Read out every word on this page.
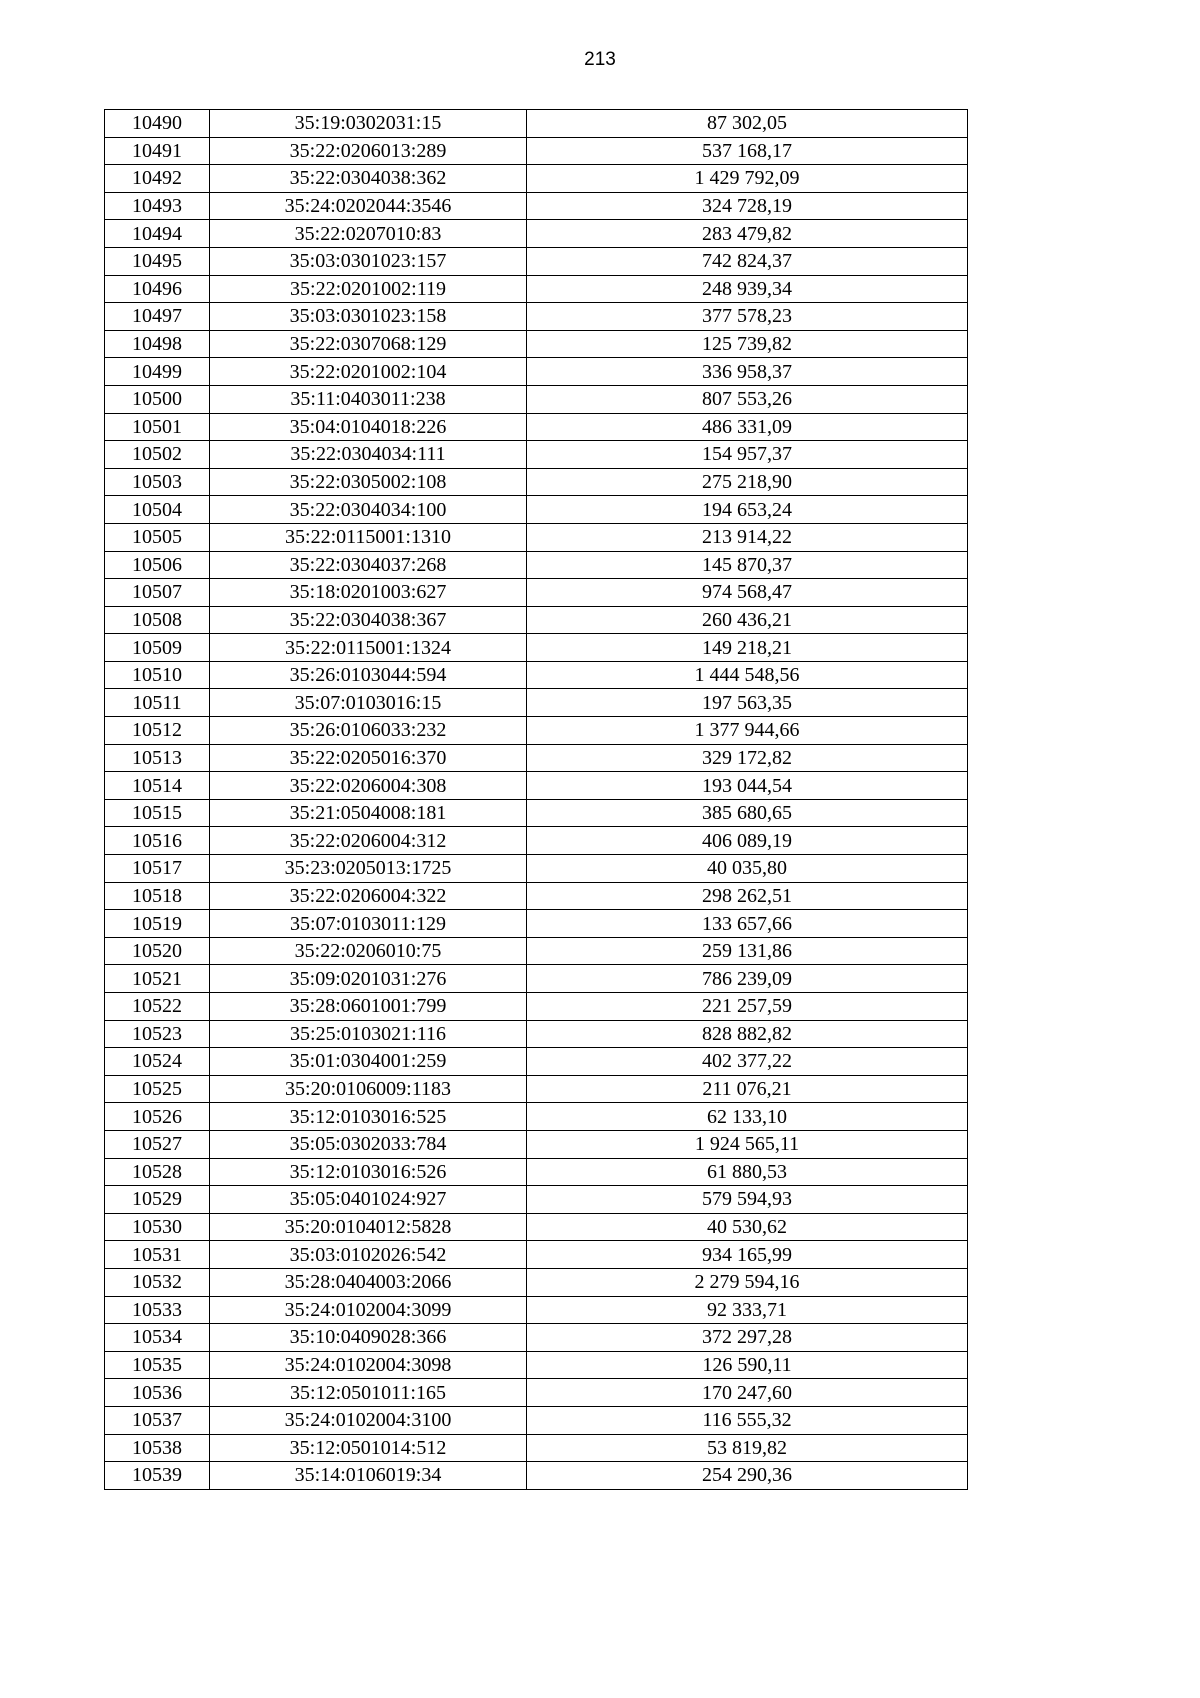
213
10490	35:19:0302031:15	87 302,05
10491	35:22:0206013:289	537 168,17
10492	35:22:0304038:362	1 429 792,09
10493	35:24:0202044:3546	324 728,19
10494	35:22:0207010:83	283 479,82
10495	35:03:0301023:157	742 824,37
10496	35:22:0201002:119	248 939,34
10497	35:03:0301023:158	377 578,23
10498	35:22:0307068:129	125 739,82
10499	35:22:0201002:104	336 958,37
10500	35:11:0403011:238	807 553,26
10501	35:04:0104018:226	486 331,09
10502	35:22:0304034:111	154 957,37
10503	35:22:0305002:108	275 218,90
10504	35:22:0304034:100	194 653,24
10505	35:22:0115001:1310	213 914,22
10506	35:22:0304037:268	145 870,37
10507	35:18:0201003:627	974 568,47
10508	35:22:0304038:367	260 436,21
10509	35:22:0115001:1324	149 218,21
10510	35:26:0103044:594	1 444 548,56
10511	35:07:0103016:15	197 563,35
10512	35:26:0106033:232	1 377 944,66
10513	35:22:0205016:370	329 172,82
10514	35:22:0206004:308	193 044,54
10515	35:21:0504008:181	385 680,65
10516	35:22:0206004:312	406 089,19
10517	35:23:0205013:1725	40 035,80
10518	35:22:0206004:322	298 262,51
10519	35:07:0103011:129	133 657,66
10520	35:22:0206010:75	259 131,86
10521	35:09:0201031:276	786 239,09
10522	35:28:0601001:799	221 257,59
10523	35:25:0103021:116	828 882,82
10524	35:01:0304001:259	402 377,22
10525	35:20:0106009:1183	211 076,21
10526	35:12:0103016:525	62 133,10
10527	35:05:0302033:784	1 924 565,11
10528	35:12:0103016:526	61 880,53
10529	35:05:0401024:927	579 594,93
10530	35:20:0104012:5828	40 530,62
10531	35:03:0102026:542	934 165,99
10532	35:28:0404003:2066	2 279 594,16
10533	35:24:0102004:3099	92 333,71
10534	35:10:0409028:366	372 297,28
10535	35:24:0102004:3098	126 590,11
10536	35:12:0501011:165	170 247,60
10537	35:24:0102004:3100	116 555,32
10538	35:12:0501014:512	53 819,82
10539	35:14:0106019:34	254 290,36
